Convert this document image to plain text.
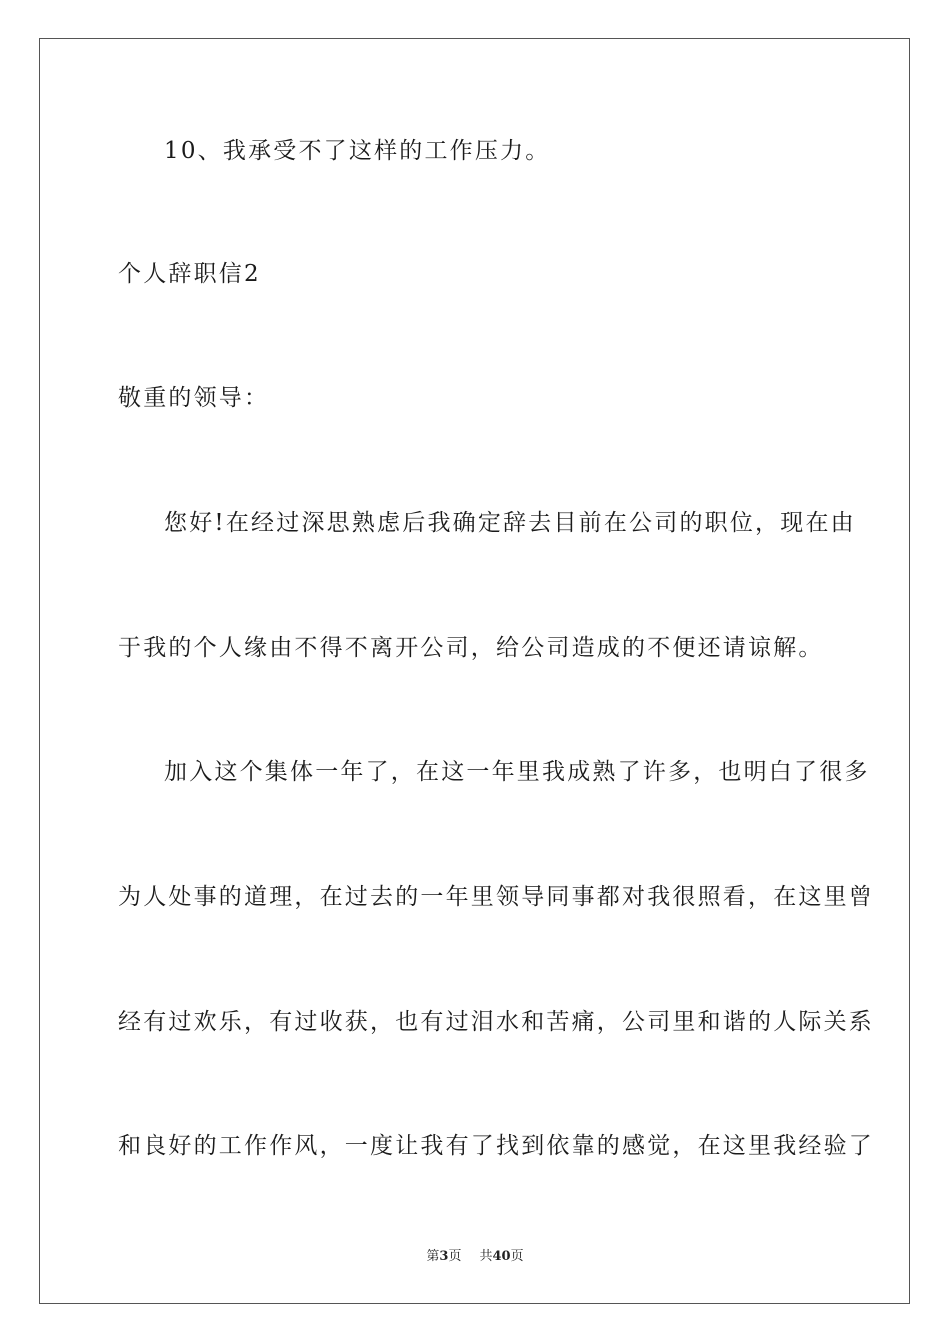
10、我承受不了这样的工作压力。
个人辞职信2
敬重的领导：
您好!在经过深思熟虑后我确定辞去目前在公司的职位，现在由
于我的个人缘由不得不离开公司，给公司造成的不便还请谅解。
加入这个集体一年了，在这一年里我成熟了许多，也明白了很多
为人处事的道理，在过去的一年里领导同事都对我很照看，在这里曾
经有过欢乐，有过收获，也有过泪水和苦痛，公司里和谐的人际关系
和良好的工作作风，一度让我有了找到依靠的感觉，在这里我经验了
第3页 共40页
